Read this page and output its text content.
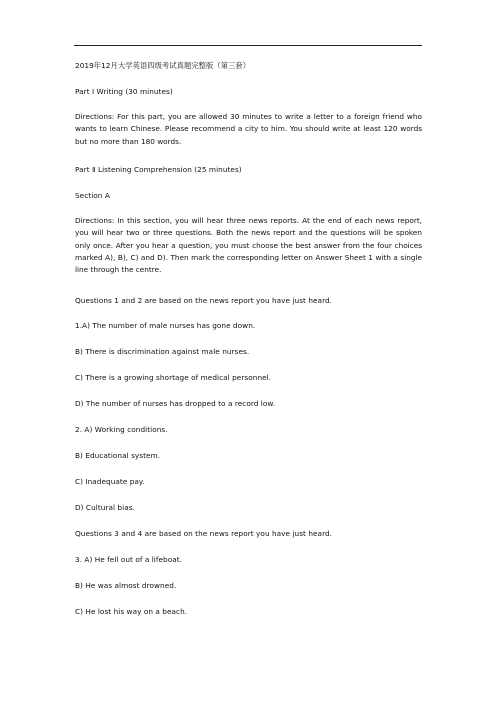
2019年12月大学英语四级考试真题完整版（第三套）

Part Ⅰ Writing (30 minutes)

Directions: For this part, you are allowed 30 minutes to write a letter to a foreign friend who wants to learn Chinese. Please recommend a city to him. You should write at least 120 words but no more than 180 words.

Part Ⅱ Listening Comprehension (25 minutes)

Section A

Directions: In this section, you will hear three news reports. At the end of each news report, you will hear two or three questions. Both the news report and the questions will be spoken only once. After you hear a question, you must choose the best answer from the four choices marked A), B), C) and D). Then mark the corresponding letter on Answer Sheet 1 with a single line through the centre.

Questions 1 and 2 are based on the news report you have just heard.

1.A) The number of male nurses has gone down.

B) There is discrimination against male nurses.

C) There is a growing shortage of medical personnel.

D) The number of nurses has dropped to a record low.

2. A) Working conditions.

B) Educational system.

C) Inadequate pay.

D) Cultural bias.

Questions 3 and 4 are based on the news report you have just heard.

3. A) He fell out of a lifeboat.

B) He was almost drowned.

C) He lost his way on a beach.
